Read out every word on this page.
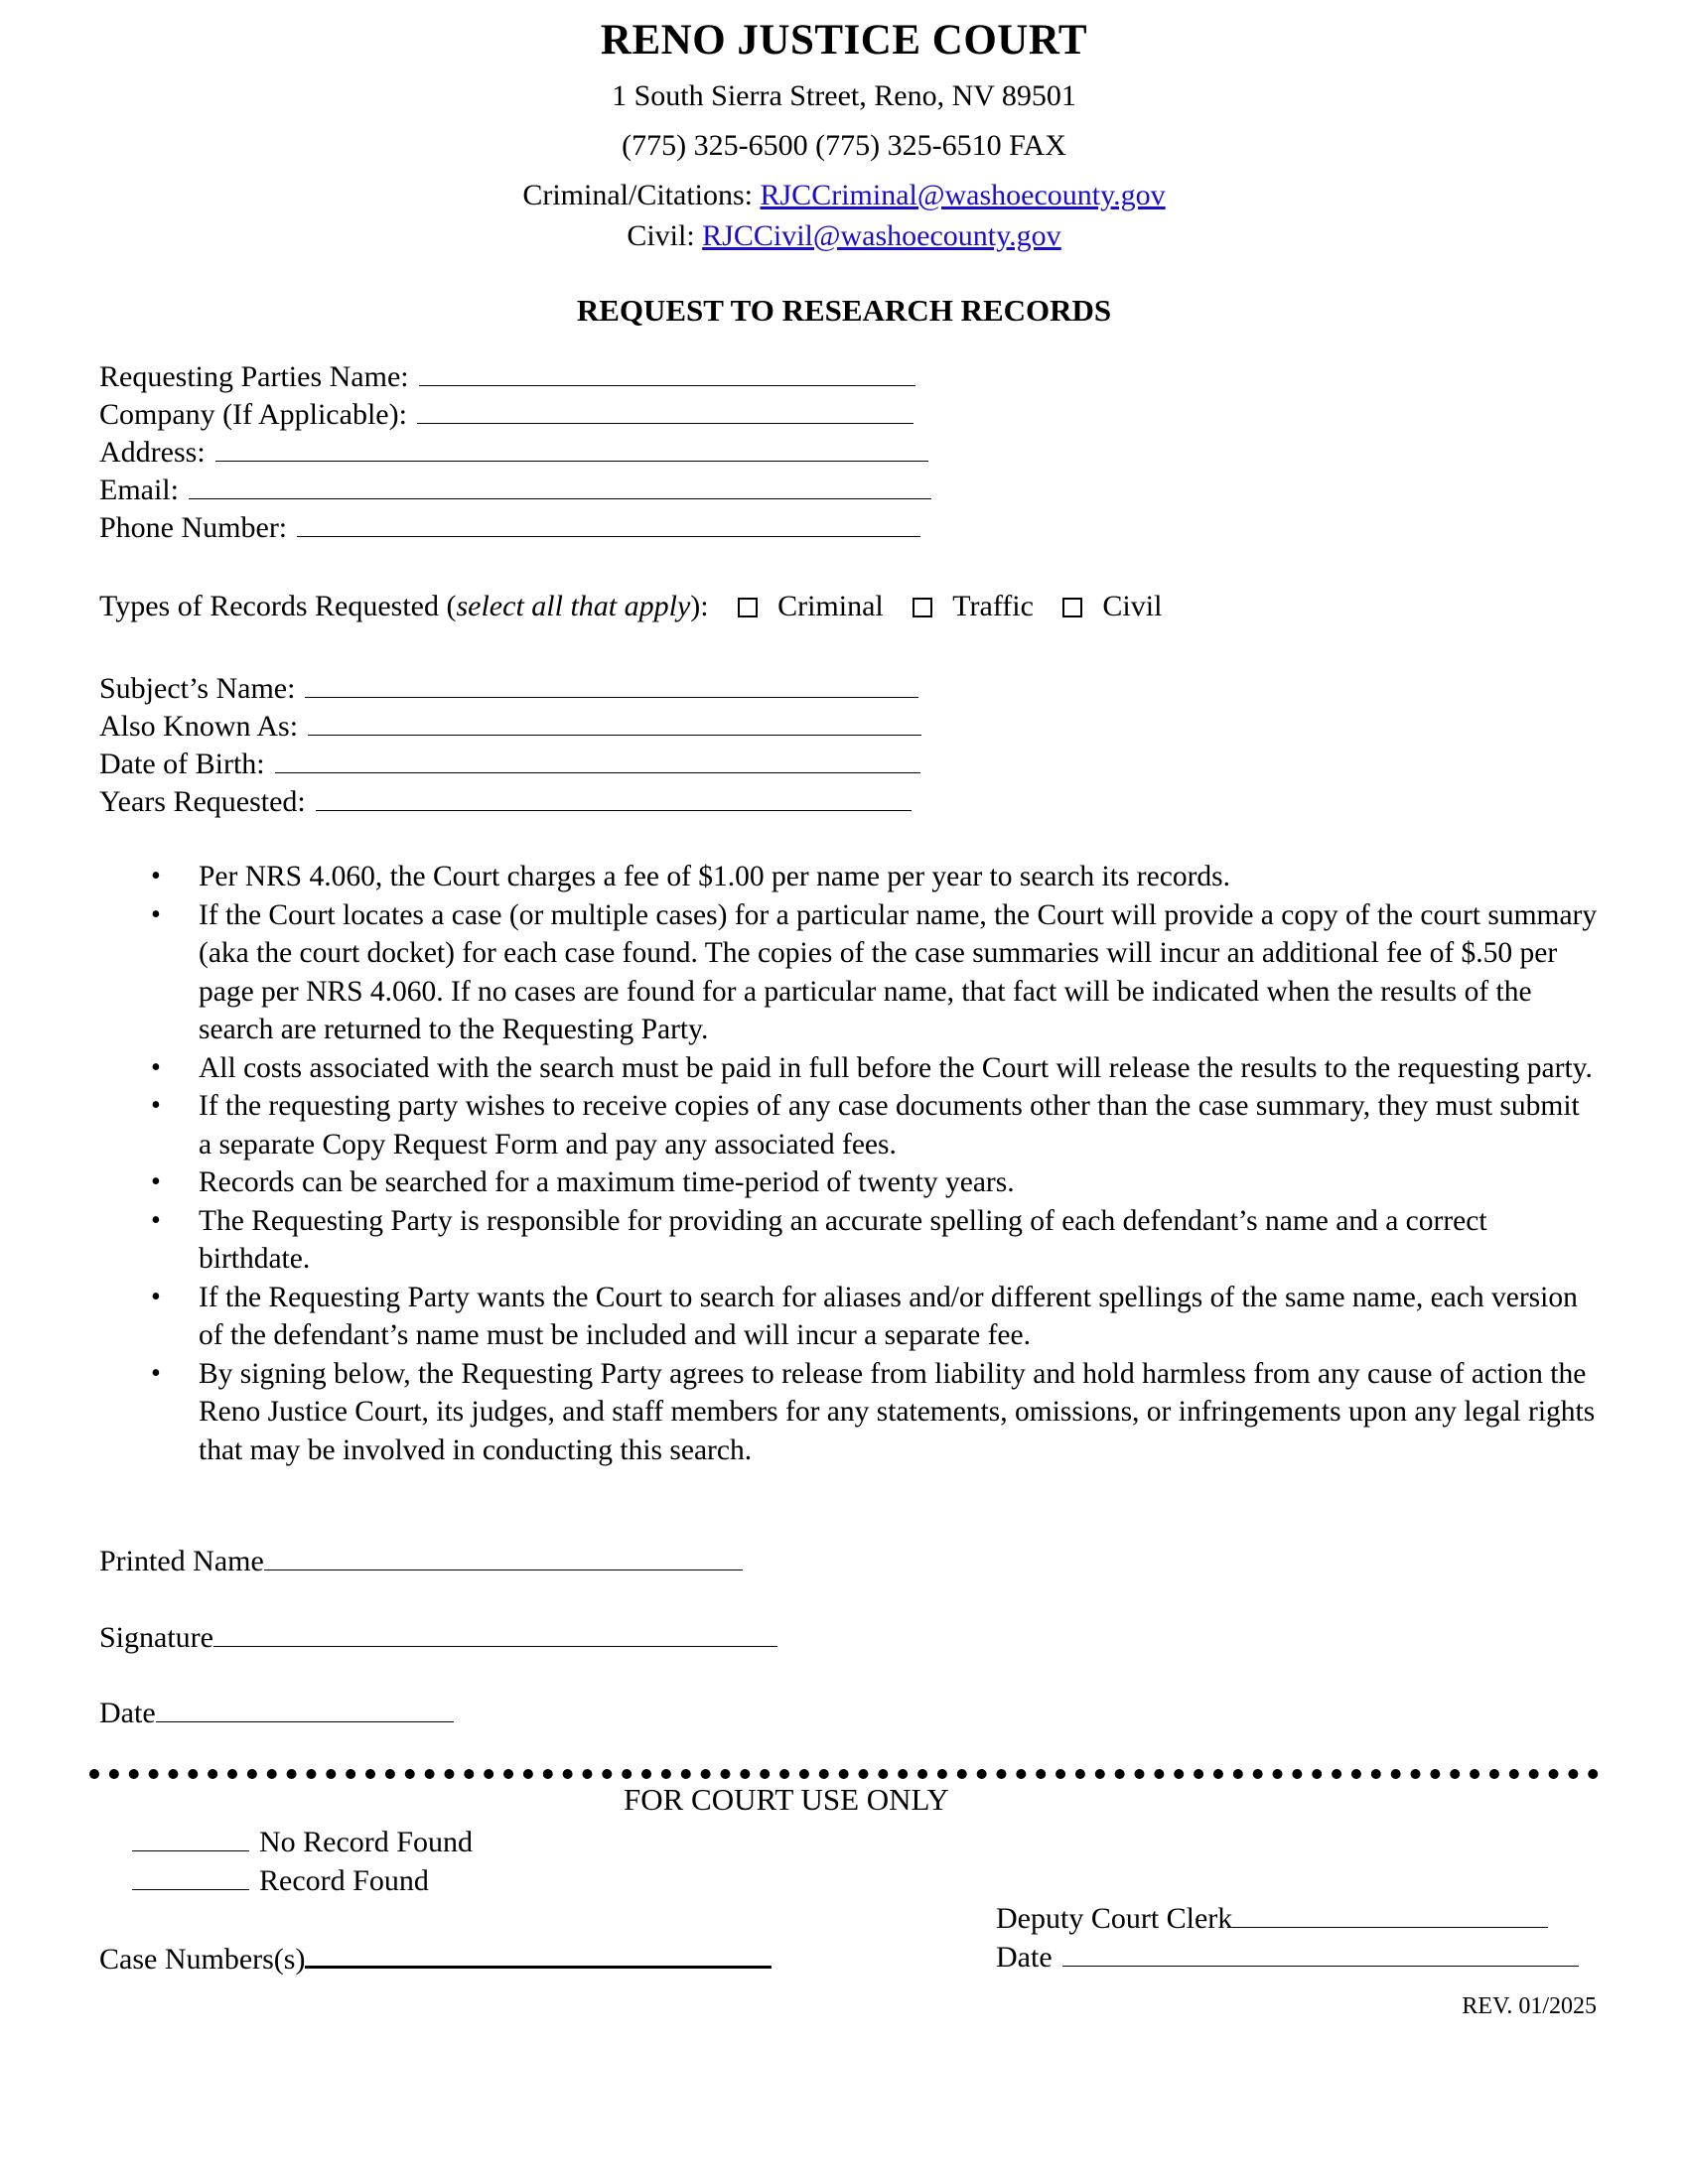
RENO JUSTICE COURT
1 South Sierra Street, Reno, NV 89501
(775) 325-6500 (775) 325-6510 FAX
Criminal/Citations: RJCCriminal@washoecounty.gov
Civil: RJCCivil@washoecounty.gov
REQUEST TO RESEARCH RECORDS
Requesting Parties Name:
Company (If Applicable):
Address:
Email:
Phone Number:
Types of Records Requested (select all that apply): Criminal Traffic Civil
Subject’s Name:
Also Known As:
Date of Birth:
Years Requested:
• Per NRS 4.060, the Court charges a fee of $1.00 per name per year to search its records.
• If the Court locates a case (or multiple cases) for a particular name, the Court will provide a copy of the court summary (aka the court docket) for each case found. The copies of the case summaries will incur an additional fee of $.50 per page per NRS 4.060. If no cases are found for a particular name, that fact will be indicated when the results of the search are returned to the Requesting Party.
• All costs associated with the search must be paid in full before the Court will release the results to the requesting party.
• If the requesting party wishes to receive copies of any case documents other than the case summary, they must submit a separate Copy Request Form and pay any associated fees.
• Records can be searched for a maximum time-period of twenty years.
• The Requesting Party is responsible for providing an accurate spelling of each defendant’s name and a correct birthdate.
• If the Requesting Party wants the Court to search for aliases and/or different spellings of the same name, each version of the defendant’s name must be included and will incur a separate fee.
• By signing below, the Requesting Party agrees to release from liability and hold harmless from any cause of action the Reno Justice Court, its judges, and staff members for any statements, omissions, or infringements upon any legal rights that may be involved in conducting this search.
Printed Name
Signature
Date
FOR COURT USE ONLY
No Record Found
Record Found
Case Numbers(s)
Deputy Court Clerk
Date
REV. 01/2025
